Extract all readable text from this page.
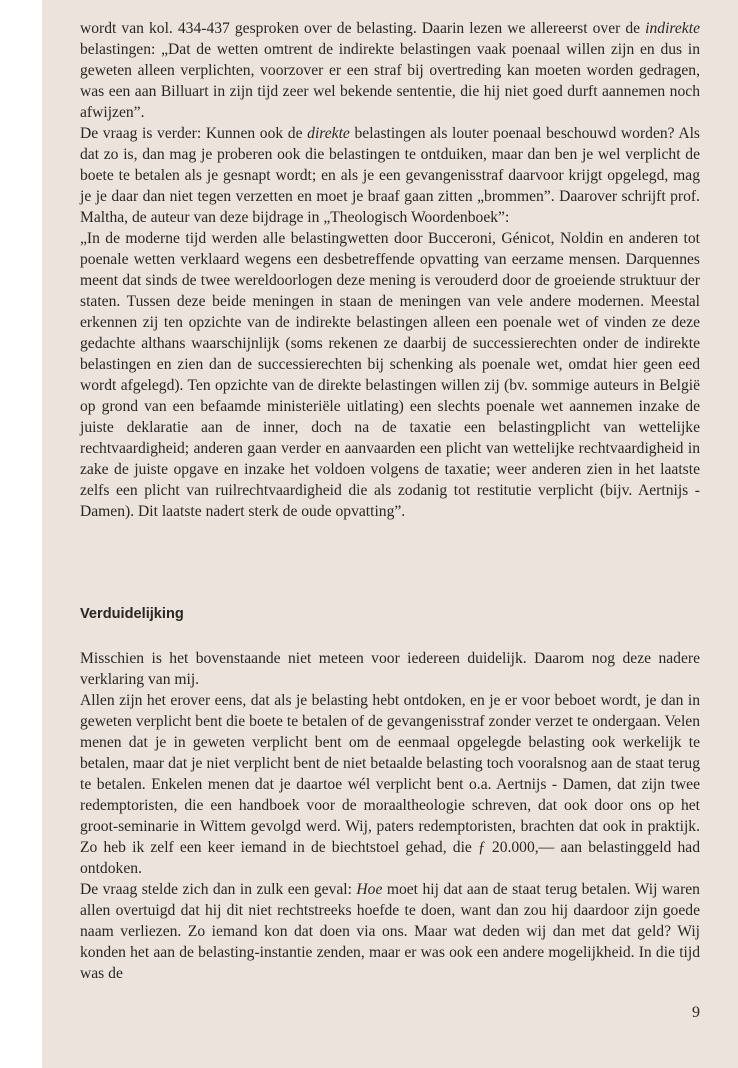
wordt van kol. 434-437 gesproken over de belasting. Daarin lezen we allereerst over de indirekte belastingen: „Dat de wetten omtrent de indirekte belastingen vaak poenaal willen zijn en dus in geweten alleen verplichten, voorzover er een straf bij overtreding kan moeten worden gedragen, was een aan Billuart in zijn tijd zeer wel bekende sententie, die hij niet goed durft aannemen noch afwijzen”.

De vraag is verder: Kunnen ook de direkte belastingen als louter poenaal beschouwd worden? Als dat zo is, dan mag je proberen ook die belastingen te ontduiken, maar dan ben je wel verplicht de boete te betalen als je gesnapt wordt; en als je een gevangenisstraf daarvoor krijgt opgelegd, mag je je daar dan niet tegen verzetten en moet je braaf gaan zitten „brommen”. Daarover schrijft prof. Maltha, de auteur van deze bijdrage in „Theologisch Woordenboek”:

„In de moderne tijd werden alle belastingwetten door Bucceroni, Génicot, Noldin en anderen tot poenale wetten verklaard wegens een desbetreffende opvatting van eerzame mensen. Darquennes meent dat sinds de twee wereldoorlogen deze mening is verouderd door de groeiende struktuur der staten. Tussen deze beide meningen in staan de meningen van vele andere modernen. Meestal erkennen zij ten opzichte van de indirekte belastingen alleen een poenale wet of vinden ze deze gedachte althans waarschijnlijk (soms rekenen ze daarbij de successierechten onder de indirekte belastingen en zien dan de successierechten bij schenking als poenale wet, omdat hier geen eed wordt afgelegd). Ten opzichte van de direkte belastingen willen zij (bv. sommige auteurs in België op grond van een befaamde ministeriële uitlating) een slechts poenale wet aannemen inzake de juiste deklaratie aan de inner, doch na de taxatie een belastingplicht van wettelijke rechtvaardigheid; anderen gaan verder en aanvaarden een plicht van wettelijke rechtvaardigheid in zake de juiste opgave en inzake het voldoen volgens de taxatie; weer anderen zien in het laatste zelfs een plicht van ruilrechtvaardigheid die als zodanig tot restitutie verplicht (bijv. Aertnijs - Damen). Dit laatste nadert sterk de oude opvatting”.

Verduidelijking

Misschien is het bovenstaande niet meteen voor iedereen duidelijk. Daarom nog deze nadere verklaring van mij.

Allen zijn het erover eens, dat als je belasting hebt ontdoken, en je er voor beboet wordt, je dan in geweten verplicht bent die boete te betalen of de gevangenisstraf zonder verzet te ondergaan. Velen menen dat je in geweten verplicht bent om de eenmaal opgelegde belasting ook werkelijk te betalen, maar dat je niet verplicht bent de niet betaalde belasting toch vooralsnog aan de staat terug te betalen. Enkelen menen dat je daartoe wél verplicht bent o.a. Aertnijs - Damen, dat zijn twee redemptoristen, die een handboek voor de moraaltheologie schreven, dat ook door ons op het groot-seminarie in Wittem gevolgd werd. Wij, paters redemptoristen, brachten dat ook in praktijk. Zo heb ik zelf een keer iemand in de biechtstoel gehad, die ƒ 20.000,— aan belastinggeld had ontdoken.

De vraag stelde zich dan in zulk een geval: Hoe moet hij dat aan de staat terug betalen. Wij waren allen overtuigd dat hij dit niet rechtstreeks hoefde te doen, want dan zou hij daardoor zijn goede naam verliezen. Zo iemand kon dat doen via ons. Maar wat deden wij dan met dat geld? Wij konden het aan de belasting-instantie zenden, maar er was ook een andere mogelijkheid. In die tijd was de

9
